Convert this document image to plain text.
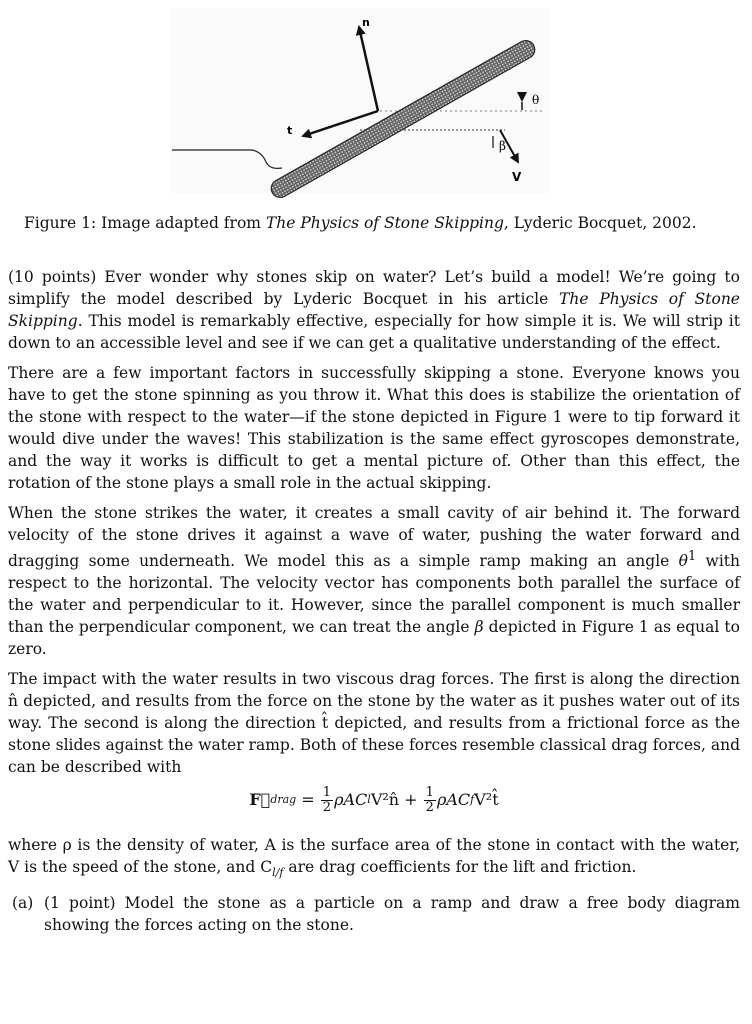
n
t
θ
β
V
Figure 1: Image adapted from The Physics of Stone Skipping, Lyderic Bocquet, 2002.

(10 points) Ever wonder why stones skip on water? Let’s build a model! We’re going to simplify the model described by Lyderic Bocquet in his article The Physics of Stone Skipping. This model is remarkably effective, especially for how simple it is. We will strip it down to an accessible level and see if we can get a qualitative understanding of the effect.

There are a few important factors in successfully skipping a stone. Everyone knows you have to get the stone spinning as you throw it. What this does is stabilize the orientation of the stone with respect to the water—if the stone depicted in Figure 1 were to tip forward it would dive under the waves! This stabilization is the same effect gyroscopes demonstrate, and the way it works is difficult to get a mental picture of. Other than this effect, the rotation of the stone plays a small role in the actual skipping.

When the stone strikes the water, it creates a small cavity of air behind it. The forward velocity of the stone drives it against a wave of water, pushing the water forward and dragging some underneath. We model this as a simple ramp making an angle $\theta^1$ with respect to the horizontal. The velocity vector has components both parallel the surface of the water and perpendicular to it. However, since the parallel component is much smaller than the perpendicular component, we can treat the angle β depicted in Figure 1 as equal to zero.

The impact with the water results in two viscous drag forces. The first is along the direction n̂ depicted, and results from the force on the stone by the water as it pushes water out of its way. The second is along the direction t̂ depicted, and results from a frictional force as the stone slides against the water ramp. Both of these forces resemble classical drag forces, and can be described with

F⃗ drag = $\frac{1}{2}$ ρAC l V²n̂ + $\frac{1}{2}$ ρAC f V²t̂

where ρ is the density of water, A is the surface area of the stone in contact with the water, V is the speed of the stone, and $C_{l/f}$ are drag coefficients for the lift and friction.

(a) (1 point) Model the stone as a particle on a ramp and draw a free body diagram showing the forces acting on the stone.
